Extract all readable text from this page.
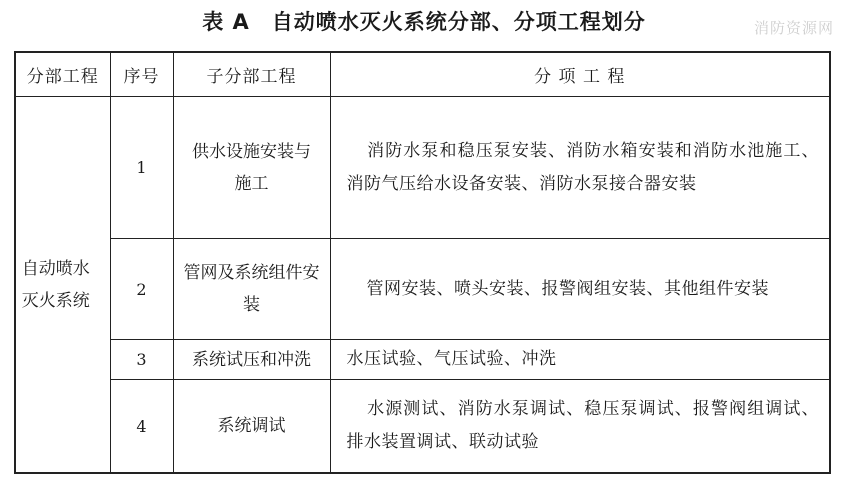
表 A 自动喷水灭火系统分部、分项工程划分	消防资源网
分部工程	序号	子分部工程	分 项 工 程

自动喷水灭火系统	1	供水设施安装与施工	消防水泵和稳压泵安装、消防水箱安装和消防水池施工、消防气压给水设备安装、消防水泵接合器安装
	2	管网及系统组件安装	管网安装、喷头安装、报警阀组安装、其他组件安装
	3	系统试压和冲洗	水压试验、气压试验、冲洗
	4	系统调试	水源测试、消防水泵调试、稳压泵调试、报警阀组调试、排水装置调试、联动试验
